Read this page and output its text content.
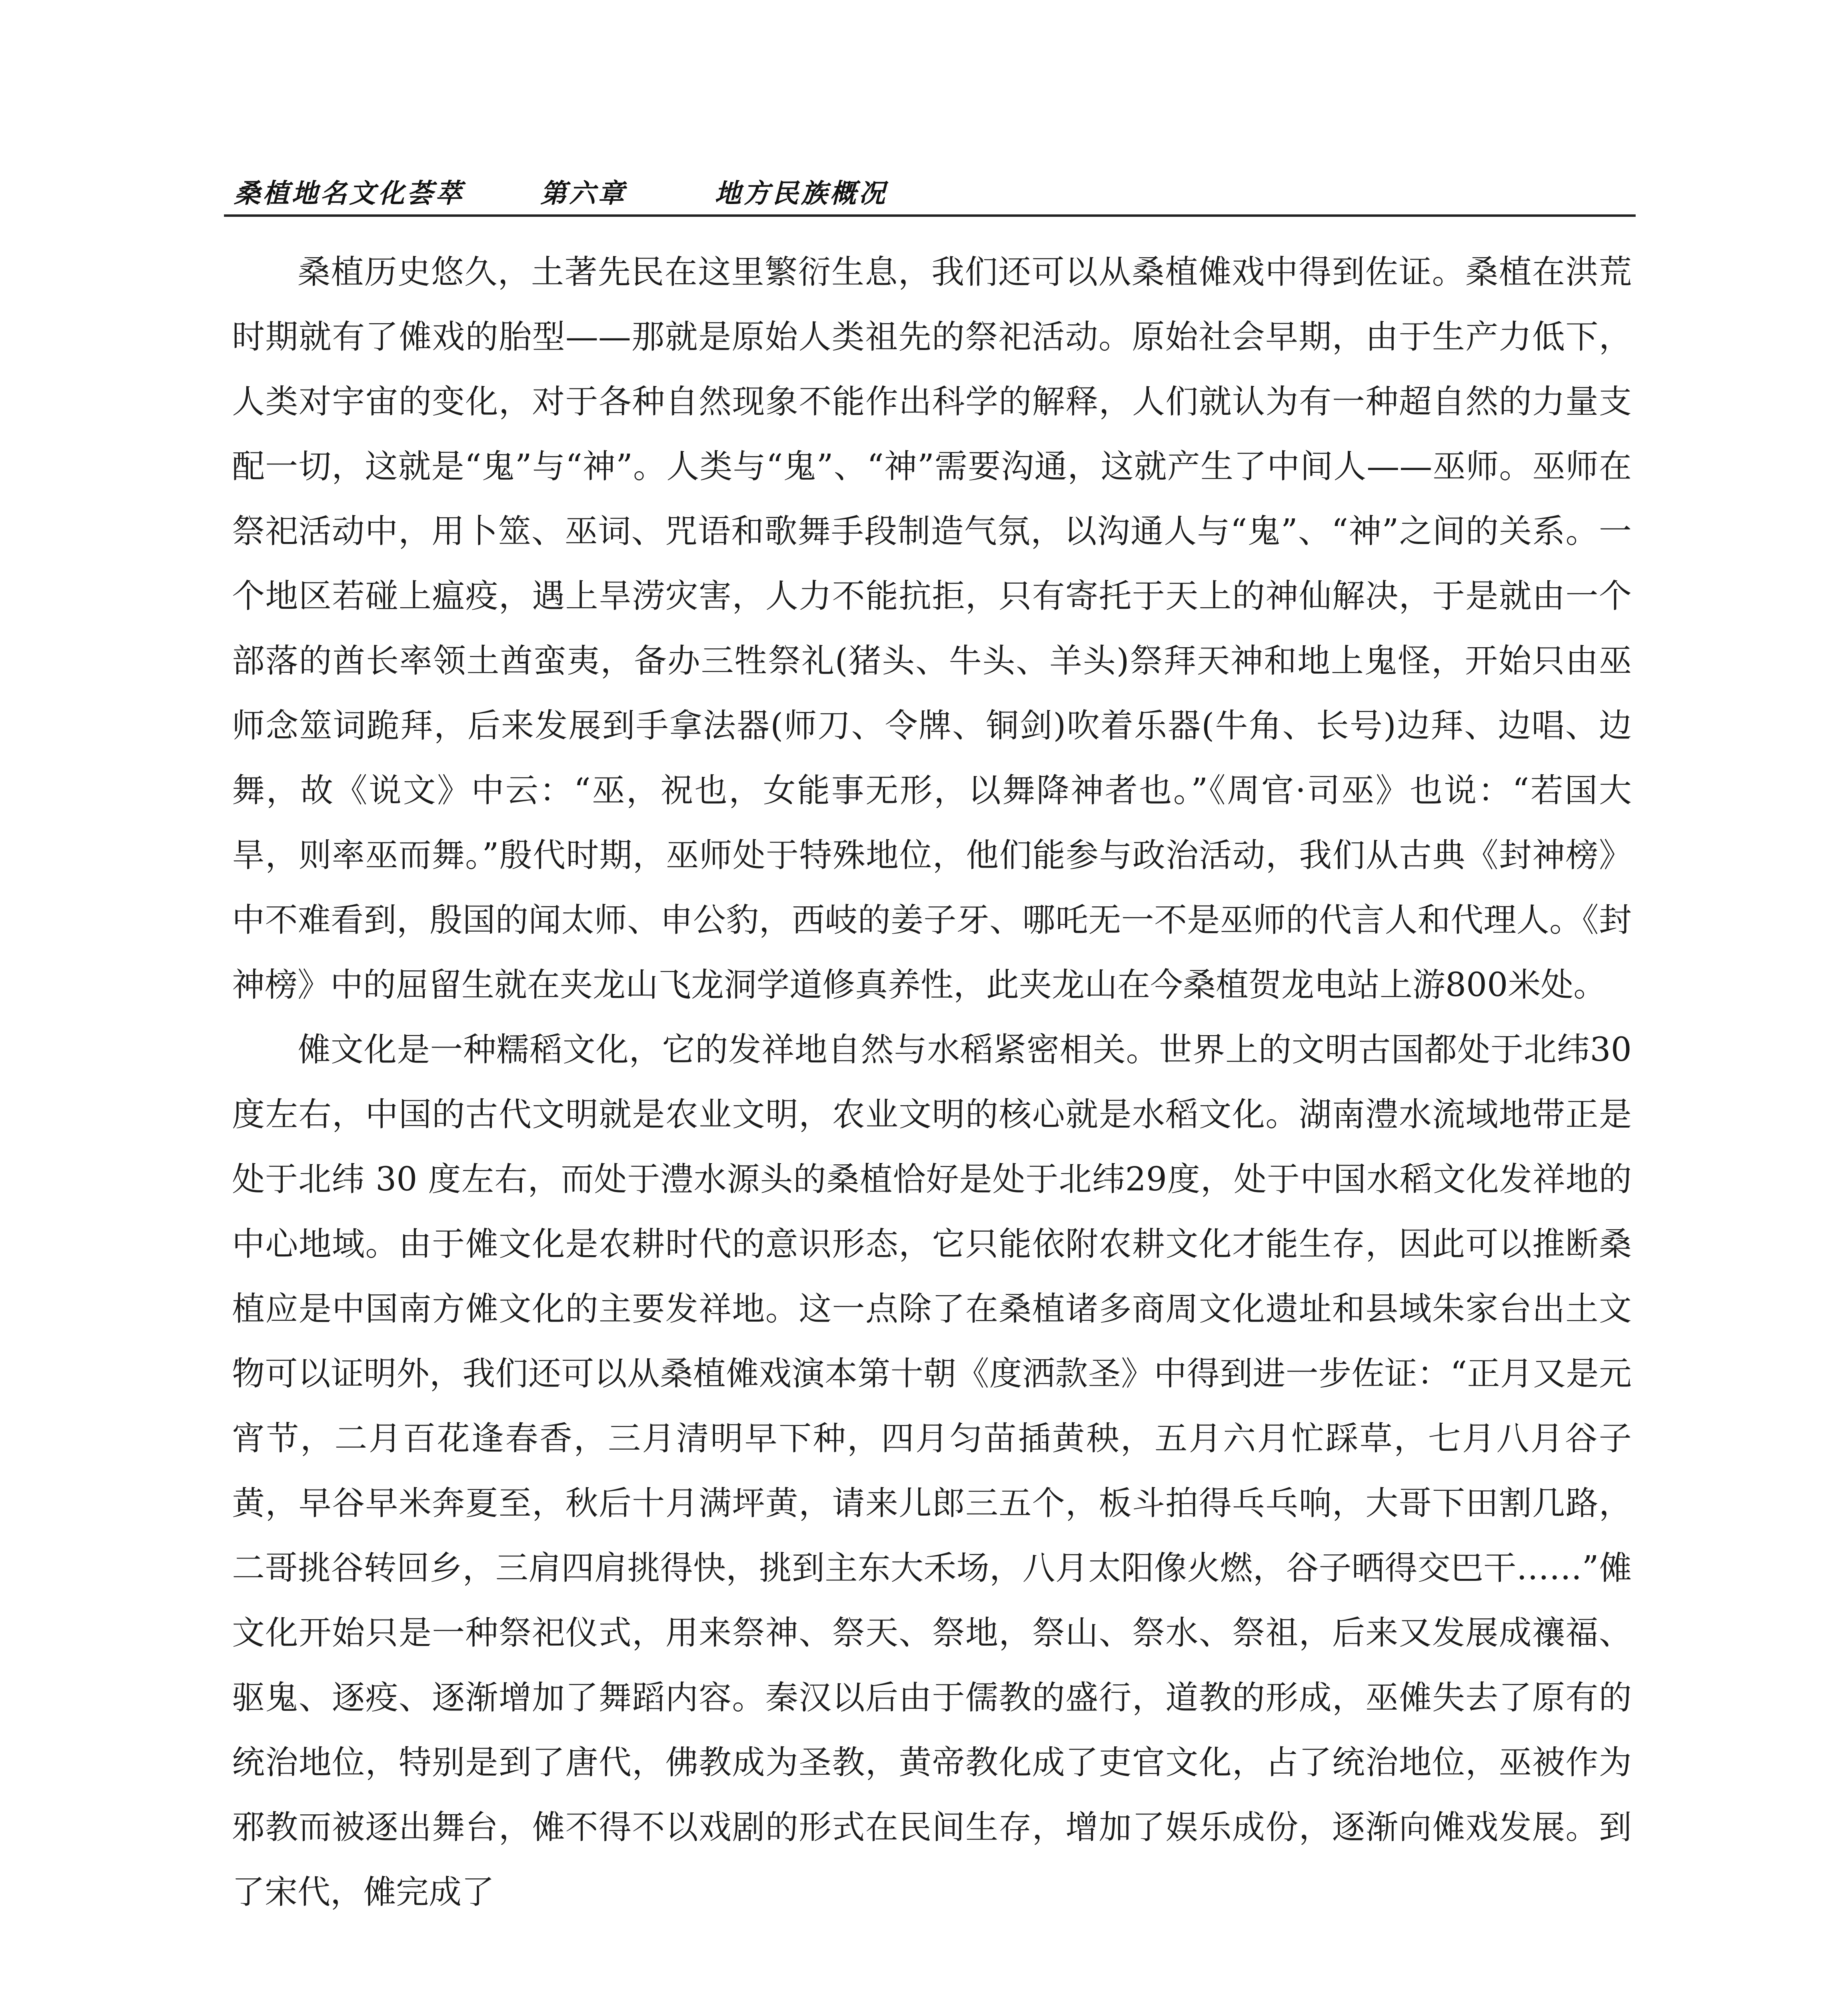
桑植地名文化荟萃	第六章	地方民族概况

桑植历史悠久，土著先民在这里繁衍生息，我们还可以从桑植傩戏中得到佐证。桑植在洪荒时期就有了傩戏的胎型——那就是原始人类祖先的祭祀活动。原始社会早期，由于生产力低下，人类对宇宙的变化，对于各种自然现象不能作出科学的解释，人们就认为有一种超自然的力量支配一切，这就是“鬼”与“神”。人类与“鬼”、“神”需要沟通，这就产生了中间人——巫师。巫师在祭祀活动中，用卜筮、巫词、咒语和歌舞手段制造气氛，以沟通人与“鬼”、“神”之间的关系。一个地区若碰上瘟疫，遇上旱涝灾害，人力不能抗拒，只有寄托于天上的神仙解决，于是就由一个部落的酋长率领土酋蛮夷，备办三牲祭礼(猪头、牛头、羊头)祭拜天神和地上鬼怪，开始只由巫师念筮词跪拜，后来发展到手拿法器(师刀、令牌、铜剑)吹着乐器(牛角、长号)边拜、边唱、边舞，故《说文》中云：“巫，祝也，女能事无形，以舞降神者也。”《周官·司巫》也说：“若国大旱，则率巫而舞。”殷代时期，巫师处于特殊地位，他们能参与政治活动，我们从古典《封神榜》中不难看到，殷国的闻太师、申公豹，西岐的姜子牙、哪吒无一不是巫师的代言人和代理人。《封神榜》中的屈留生就在夹龙山飞龙洞学道修真养性，此夹龙山在今桑植贺龙电站上游800米处。

傩文化是一种糯稻文化，它的发祥地自然与水稻紧密相关。世界上的文明古国都处于北纬30度左右，中国的古代文明就是农业文明，农业文明的核心就是水稻文化。湖南澧水流域地带正是处于北纬 30 度左右，而处于澧水源头的桑植恰好是处于北纬29度，处于中国水稻文化发祥地的中心地域。由于傩文化是农耕时代的意识形态，它只能依附农耕文化才能生存，因此可以推断桑植应是中国南方傩文化的主要发祥地。这一点除了在桑植诸多商周文化遗址和县域朱家台出土文物可以证明外，我们还可以从桑植傩戏演本第十朝《度洒款圣》中得到进一步佐证：“正月又是元宵节，二月百花逢春香，三月清明早下种，四月匀苗插黄秧，五月六月忙踩草，七月八月谷子黄，早谷早米奔夏至，秋后十月满坪黄，请来儿郎三五个，板斗拍得乓乓响，大哥下田割几路，二哥挑谷转回乡，三肩四肩挑得快，挑到主东大禾场，八月太阳像火燃，谷子晒得交巴干……”傩文化开始只是一种祭祀仪式，用来祭神、祭天、祭地，祭山、祭水、祭祖，后来又发展成禳福、驱鬼、逐疫、逐渐增加了舞蹈内容。秦汉以后由于儒教的盛行，道教的形成，巫傩失去了原有的统治地位，特别是到了唐代，佛教成为圣教，黄帝教化成了吏官文化，占了统治地位，巫被作为邪教而被逐出舞台，傩不得不以戏剧的形式在民间生存，增加了娱乐成份，逐渐向傩戏发展。到了宋代，傩完成了
